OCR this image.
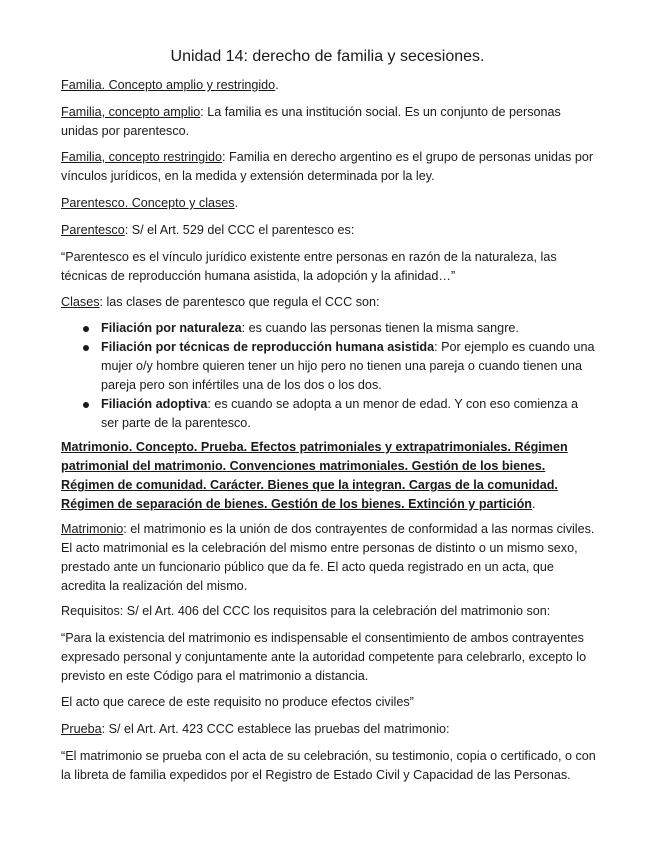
Unidad 14: derecho de familia y secesiones.

Familia. Concepto amplio y restringido.

Familia, concepto amplio: La familia es una institución social. Es un conjunto de personas unidas por parentesco.

Familia, concepto restringido: Familia en derecho argentino es el grupo de personas unidas por vínculos jurídicos, en la medida y extensión determinada por la ley.

Parentesco. Concepto y clases.

Parentesco: S/ el Art. 529 del CCC el parentesco es:

“Parentesco es el vínculo jurídico existente entre personas en razón de la naturaleza, las técnicas de reproducción humana asistida, la adopción y la afinidad…”

Clases: las clases de parentesco que regula el CCC son:

Filiación por naturaleza: es cuando las personas tienen la misma sangre.
Filiación por técnicas de reproducción humana asistida: Por ejemplo es cuando una mujer o/y hombre quieren tener un hijo pero no tienen una pareja o cuando tienen una pareja pero son infértiles una de los dos o los dos.
Filiación adoptiva: es cuando se adopta a un menor de edad. Y con eso comienza a ser parte de la parentesco.

Matrimonio. Concepto. Prueba. Efectos patrimoniales y extrapatrimoniales. Régimen patrimonial del matrimonio. Convenciones matrimoniales. Gestión de los bienes. Régimen de comunidad. Carácter. Bienes que la integran. Cargas de la comunidad. Régimen de separación de bienes. Gestión de los bienes. Extinción y partición.

Matrimonio: el matrimonio es la unión de dos contrayentes de conformidad a las normas civiles. El acto matrimonial es la celebración del mismo entre personas de distinto o un mismo sexo, prestado ante un funcionario público que da fe. El acto queda registrado en un acta, que acredita la realización del mismo.

Requisitos: S/ el Art. 406 del CCC los requisitos para la celebración del matrimonio son:

“Para la existencia del matrimonio es indispensable el consentimiento de ambos contrayentes expresado personal y conjuntamente ante la autoridad competente para celebrarlo, excepto lo previsto en este Código para el matrimonio a distancia.

El acto que carece de este requisito no produce efectos civiles”

Prueba: S/ el Art. Art. 423 CCC establece las pruebas del matrimonio:

“El matrimonio se prueba con el acta de su celebración, su testimonio, copia o certificado, o con la libreta de familia expedidos por el Registro de Estado Civil y Capacidad de las Personas.
